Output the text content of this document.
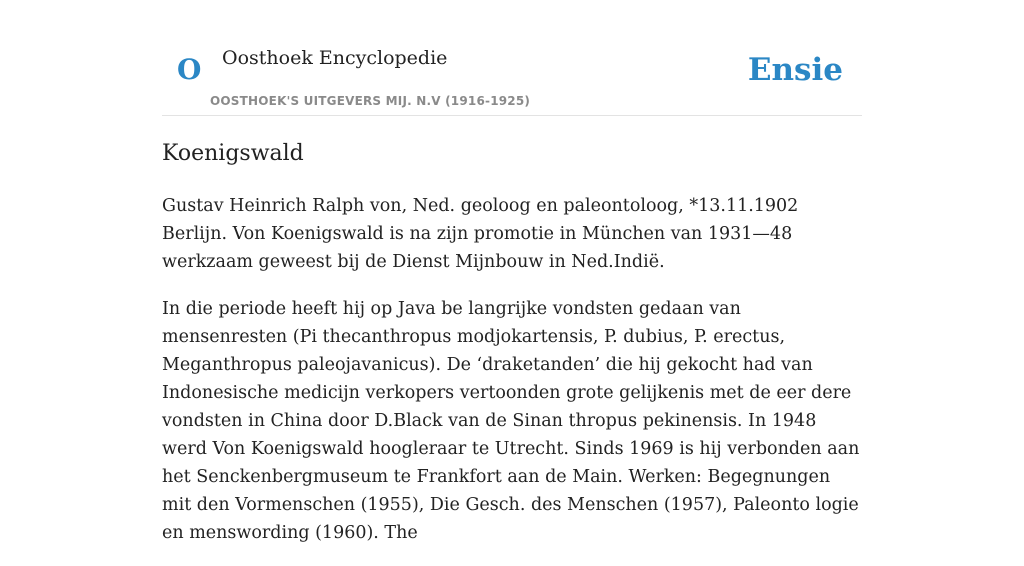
O Oosthoek Encyclopedie
OOSTHOEK'S UITGEVERS MIJ. N.V (1916-1925)
Ensie
Koenigswald

Gustav Heinrich Ralph von, Ned. geoloog en paleontoloog, *13.11.1902 Berlijn. Von Koenigswald is na zijn promotie in München van 1931—48 werkzaam geweest bij de Dienst Mijnbouw in Ned.Indië.

In die periode heeft hij op Java be langrijke vondsten gedaan van mensenresten (Pi thecanthropus modjokartensis, P. dubius, P. erectus, Meganthropus paleojavanicus). De ‘draketanden’ die hij gekocht had van Indonesische medicijn verkopers vertoonden grote gelijkenis met de eer dere vondsten in China door D.Black van de Sinan thropus pekinensis. In 1948 werd Von Koenigswald hoogleraar te Utrecht. Sinds 1969 is hij verbonden aan het Senckenbergmuseum te Frankfort aan de Main. Werken: Begegnungen mit den Vormenschen (1955), Die Gesch. des Menschen (1957), Paleonto logie en menswording (1960). The
